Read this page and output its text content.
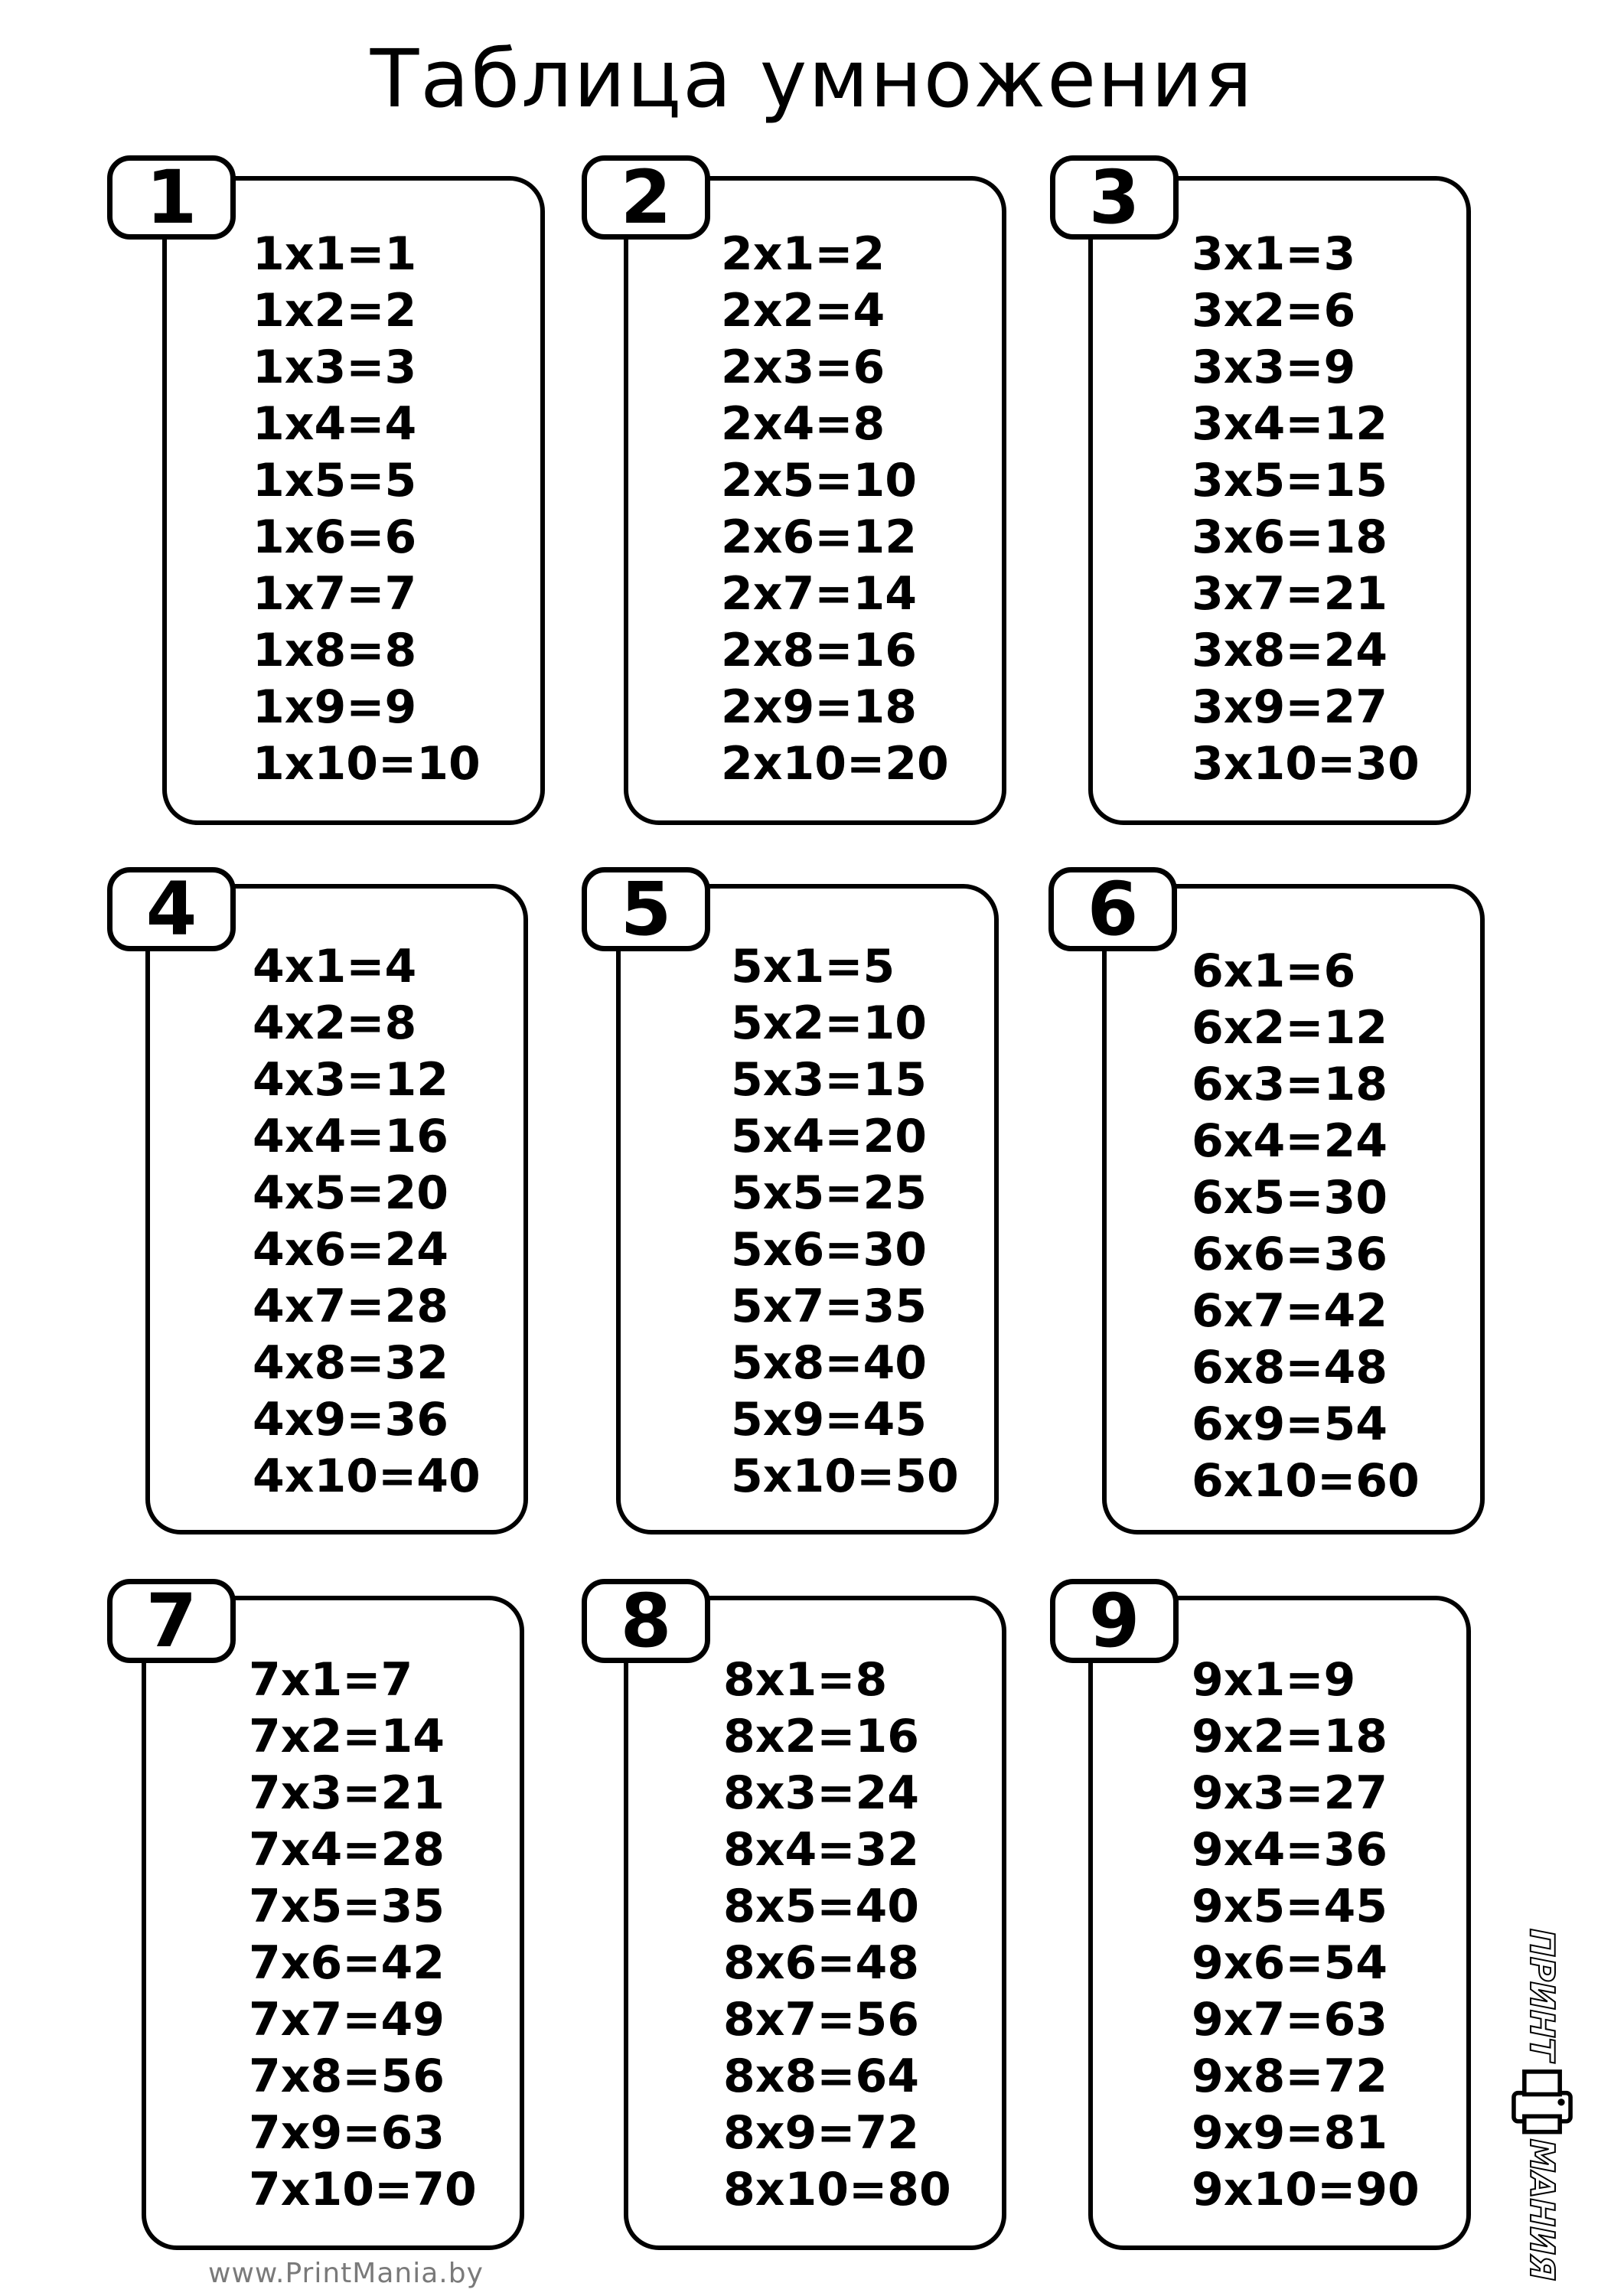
Таблица умножения
1
1x1=1
1x2=2
1x3=3
1x4=4
1x5=5
1x6=6
1x7=7
1x8=8
1x9=9
1x10=10
2
2x1=2
2x2=4
2x3=6
2x4=8
2x5=10
2x6=12
2x7=14
2x8=16
2x9=18
2x10=20
3
3x1=3
3x2=6
3x3=9
3x4=12
3x5=15
3x6=18
3x7=21
3x8=24
3x9=27
3x10=30
4
4x1=4
4x2=8
4x3=12
4x4=16
4x5=20
4x6=24
4x7=28
4x8=32
4x9=36
4x10=40
5
5x1=5
5x2=10
5x3=15
5x4=20
5x5=25
5x6=30
5x7=35
5x8=40
5x9=45
5x10=50
6
6x1=6
6x2=12
6x3=18
6x4=24
6x5=30
6x6=36
6x7=42
6x8=48
6x9=54
6x10=60
7
7x1=7
7x2=14
7x3=21
7x4=28
7x5=35
7x6=42
7x7=49
7x8=56
7x9=63
7x10=70
8
8x1=8
8x2=16
8x3=24
8x4=32
8x5=40
8x6=48
8x7=56
8x8=64
8x9=72
8x10=80
9
9x1=9
9x2=18
9x3=27
9x4=36
9x5=45
9x6=54
9x7=63
9x8=72
9x9=81
9x10=90
ПРИНТ
МАНИЯ
www.PrintMania.by
